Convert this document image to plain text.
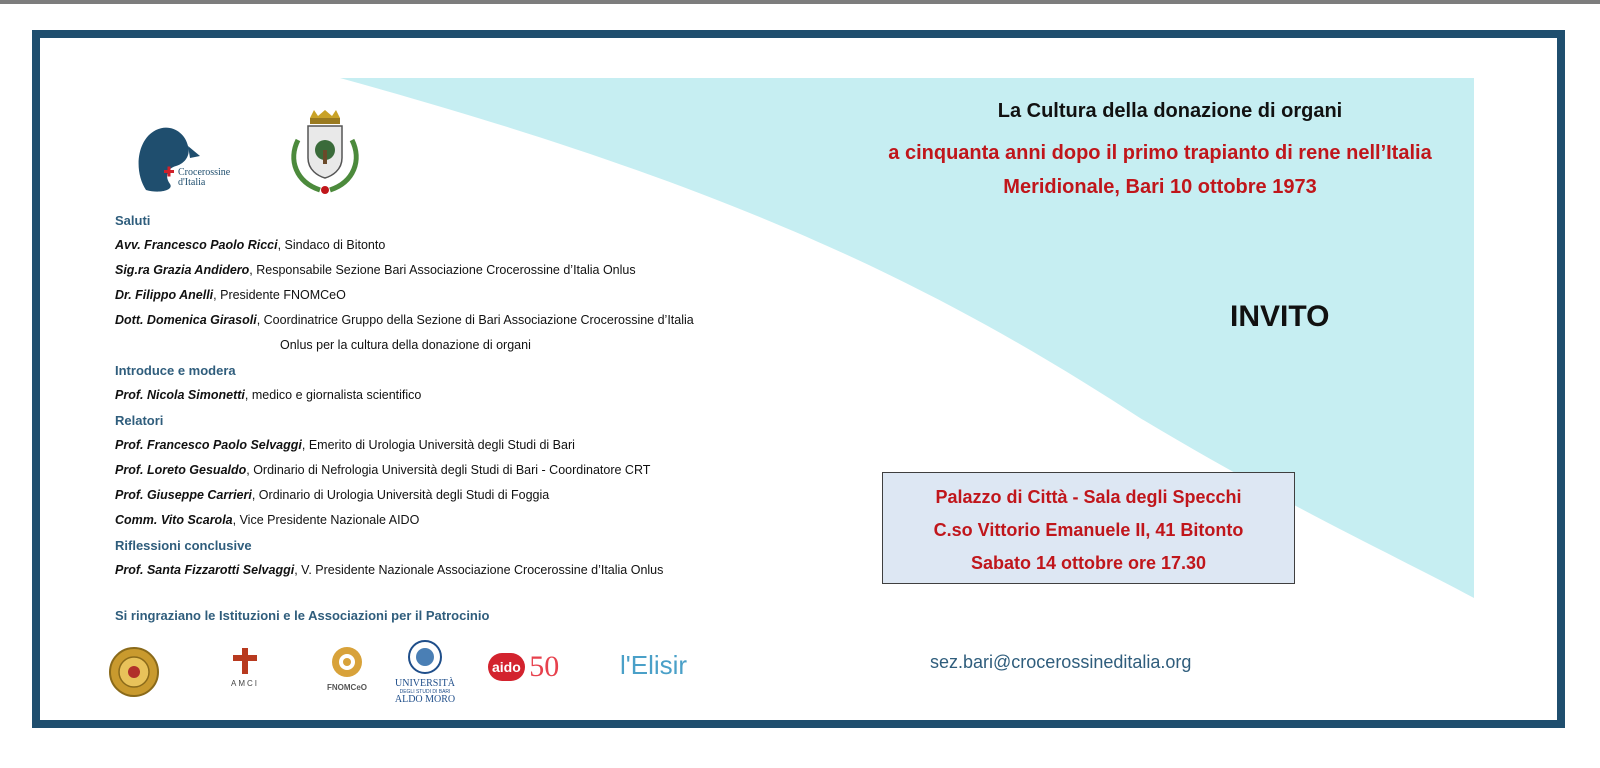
Crocerossine
d'Italia
Saluti
Avv. Francesco Paolo Ricci, Sindaco di Bitonto
Sig.ra Grazia Andidero, Responsabile Sezione Bari Associazione Crocerossine d’Italia Onlus
Dr. Filippo Anelli, Presidente FNOMCeO
Dott. Domenica Girasoli, Coordinatrice Gruppo della Sezione di Bari Associazione Crocerossine d’Italia
Onlus per la cultura della donazione di organi
Introduce e modera
Prof. Nicola Simonetti, medico e giornalista scientifico
Relatori
Prof. Francesco Paolo Selvaggi, Emerito di Urologia Università degli Studi di Bari
Prof. Loreto Gesualdo, Ordinario di Nefrologia Università degli Studi di Bari - Coordinatore CRT
Prof. Giuseppe Carrieri, Ordinario di Urologia Università degli Studi di Foggia
Comm. Vito Scarola, Vice Presidente Nazionale AIDO
Riflessioni conclusive
Prof. Santa Fizzarotti Selvaggi, V. Presidente Nazionale Associazione Crocerossine d’Italia Onlus
Si ringraziano le Istituzioni e le Associazioni per il Patrocinio
La Cultura della donazione di organi
a cinquanta anni dopo il primo trapianto di rene nell’Italia
Meridionale, Bari 10 ottobre 1973
INVITO
Palazzo di Città - Sala degli Specchi
C.so Vittorio Emanuele II, 41 Bitonto
Sabato 14 ottobre ore 17.30
sez.bari@crocerossineditalia.org
AMCI	FNOMCeO	UNIVERSITÀ
DEGLI STUDI DI BARI
ALDO MORO
aido 50	l'Elisir
